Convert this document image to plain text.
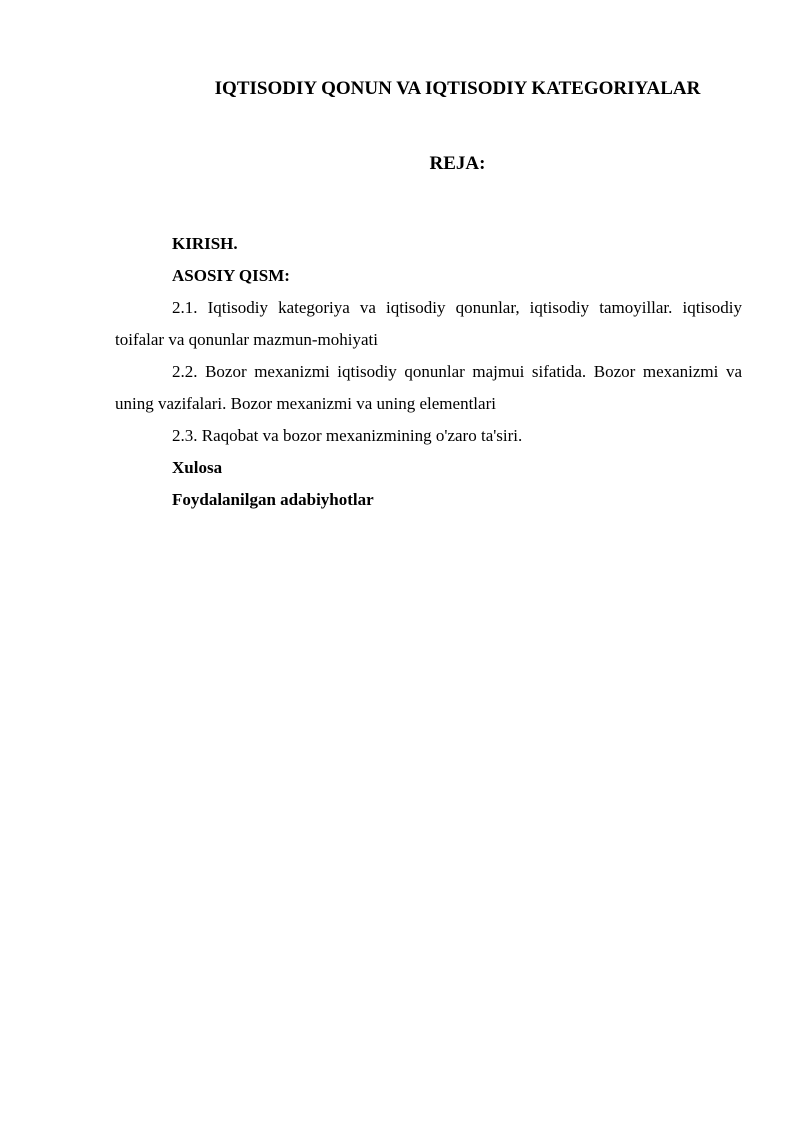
IQTISODIY QONUN VA IQTISODIY KATEGORIYALAR
REJA:

KIRISH.

ASOSIY QISM:

2.1. Iqtisodiy kategoriya va iqtisodiy qonunlar, iqtisodiy tamoyillar. iqtisodiy toifalar va qonunlar mazmun-mohiyati

2.2. Bozor mexanizmi iqtisodiy qonunlar majmui sifatida. Bozor mexanizmi va uning vazifalari. Bozor mexanizmi va uning elementlari

2.3. Raqobat va bozor mexanizmining o'zaro ta'siri.

Xulosa

Foydalanilgan adabiyhotlar
